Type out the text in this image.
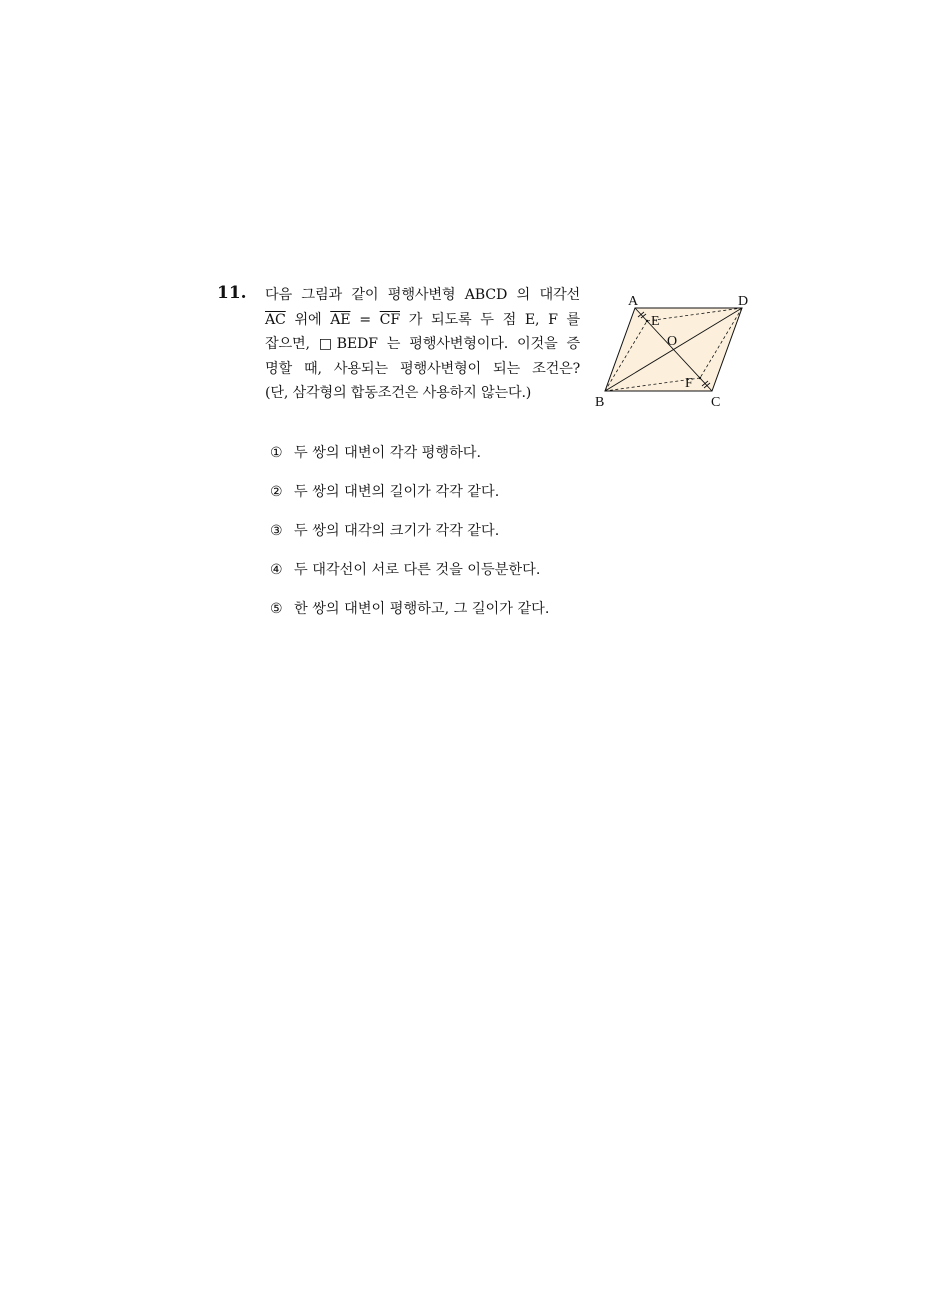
11. 다음 그림과 같이 평행사변형 ABCD 의 대각선
$\overline{AC}$ 위에 $\overline{AE} = \overline{CF}$ 가 되도록 두 점 E, F 를
잡으면, □BEDF 는 평행사변형이다. 이것을 증
명할 때, 사용되는 평행사변형이 되는 조건은?
(단, 삼각형의 합동조건은 사용하지 않는다.)
A	D
B	C
E
F
O
① 두 쌍의 대변이 각각 평행하다.
② 두 쌍의 대변의 길이가 각각 같다.
③ 두 쌍의 대각의 크기가 각각 같다.
④ 두 대각선이 서로 다른 것을 이등분한다.
⑤ 한 쌍의 대변이 평행하고, 그 길이가 같다.
